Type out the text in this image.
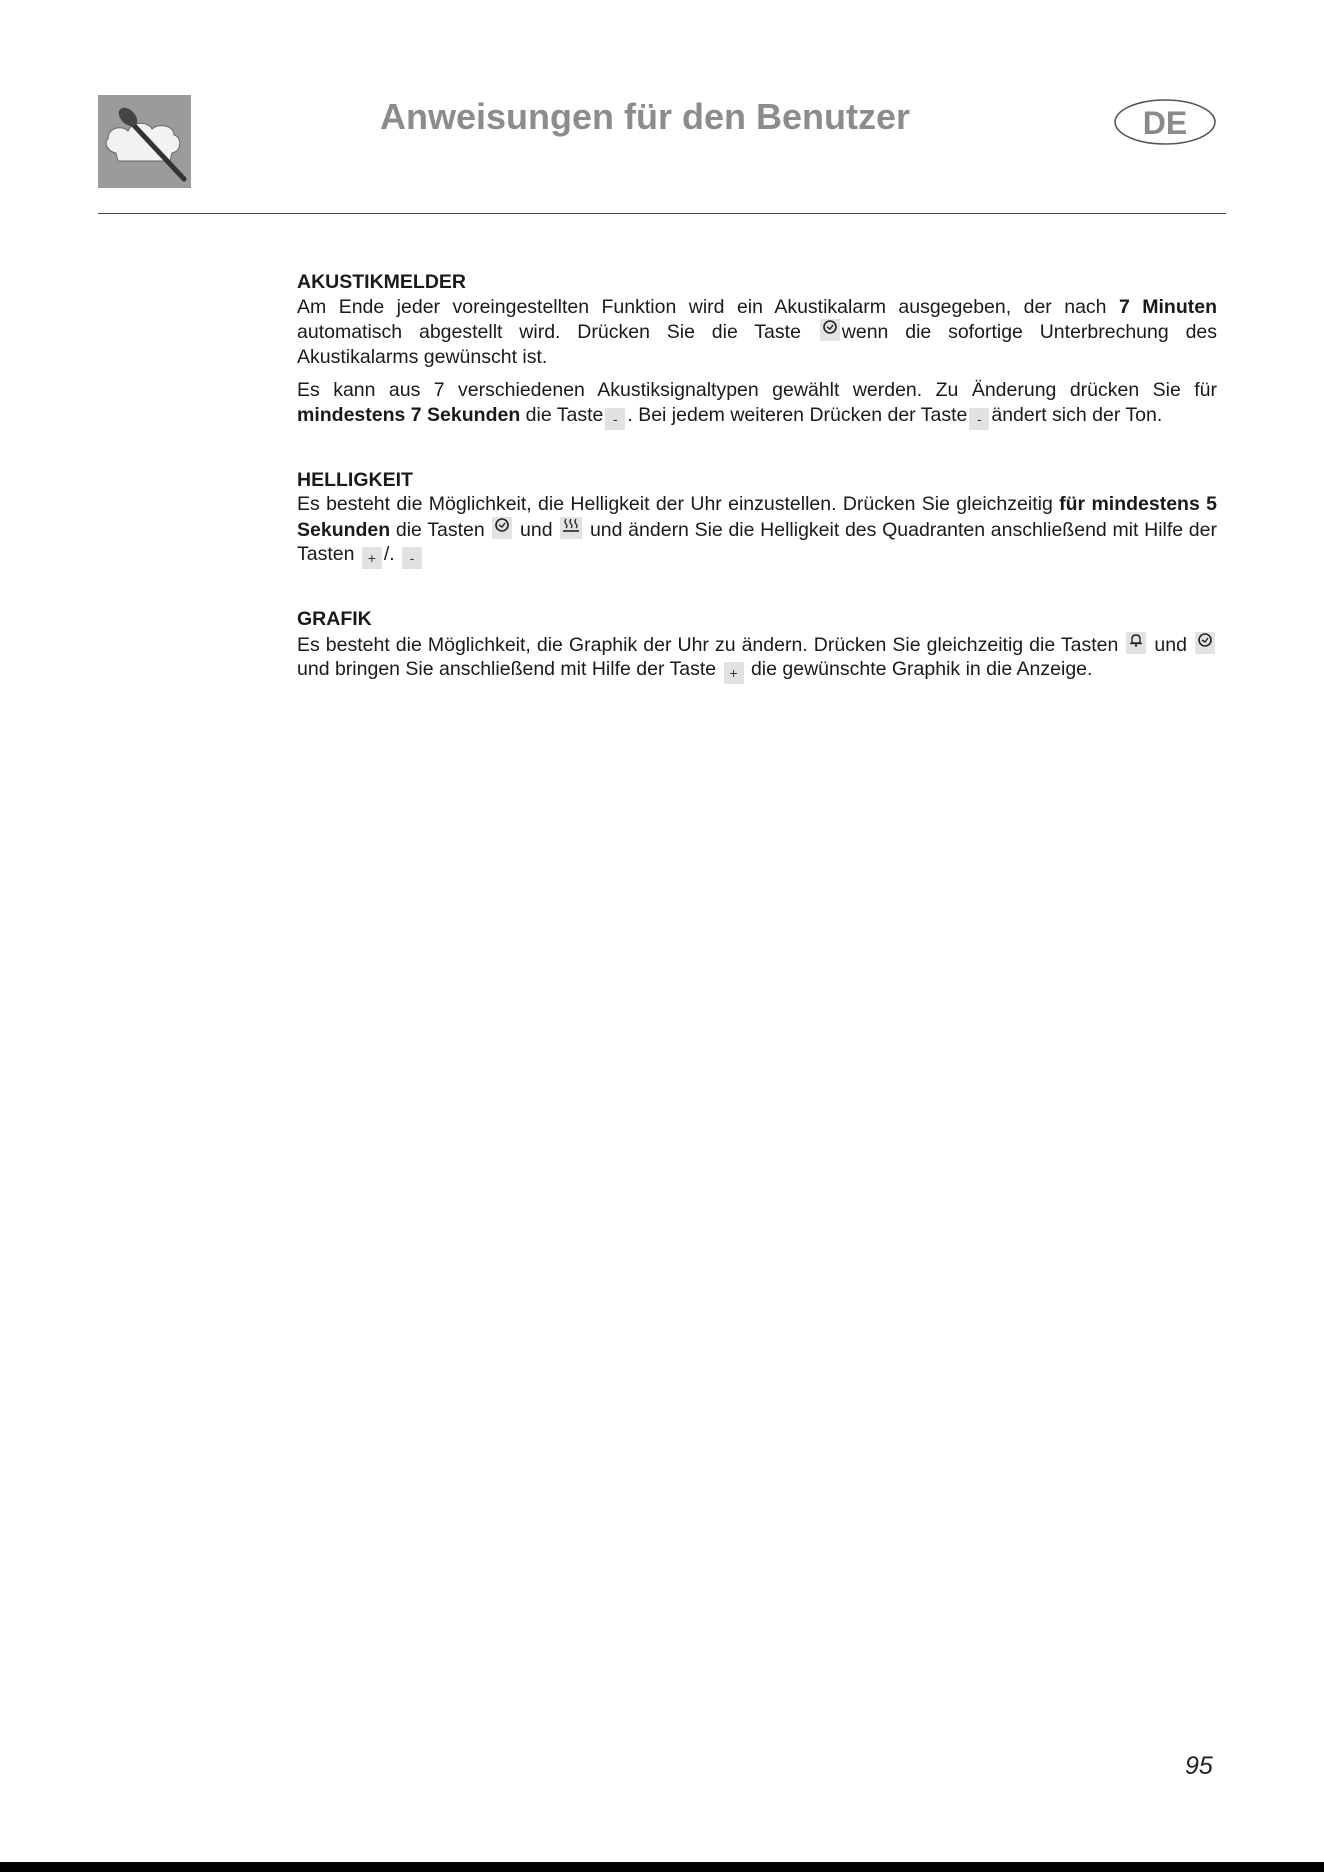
Anweisungen für den Benutzer	DE
AKUSTIKMELDER

Am Ende jeder voreingestellten Funktion wird ein Akustikalarm ausgegeben, der nach 7 Minuten automatisch abgestellt wird. Drücken Sie die Taste
wenn die sofortige Unterbrechung des Akustikalarms gewünscht ist.

Es kann aus 7 verschiedenen Akustiksignaltypen gewählt werden. Zu Änderung drücken Sie für mindestens 7 Sekunden die Taste - . Bei jedem weiteren Drücken der Taste - ändert sich der Ton.

HELLIGKEIT

Es besteht die Möglichkeit, die Helligkeit der Uhr einzustellen. Drücken Sie gleichzeitig für mindestens 5 Sekunden die Tasten
und
und ändern Sie die Helligkeit des Quadranten anschließend mit Hilfe der Tasten + /. -

GRAFIK

Es besteht die Möglichkeit, die Graphik der Uhr zu ändern. Drücken Sie gleichzeitig die Tasten
und
und bringen Sie anschließend mit Hilfe der Taste + die gewünschte Graphik in die Anzeige.

95
